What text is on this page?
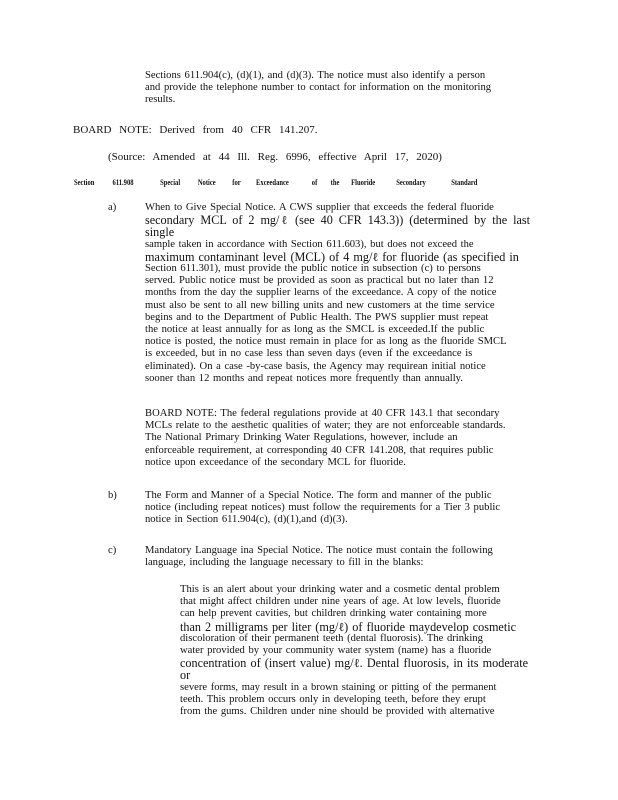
Sections 611.904(c), (d)(1), and (d)(3). The notice must also identify a person

and provide the telephone number to contact for information on the monitoring

results.

BOARD NOTE: Derived from 40 CFR 141.207.
(Source: Amended at 44 Ill. Reg. 6996, effective April 17, 2020)
Section 611.908	Special Notice for Exceedance	of the Fluoride	Secondary	Standard
a)	When to Give Special Notice. A CWS supplier that exceeds the federal fluoride

secondary MCL of 2 mg/ℓ (see 40 CFR 143.3)) (determined by the last single

sample taken in accordance with Section 611.603), but does not exceed the

maximum contaminant level (MCL) of 4 mg/ℓ for fluoride (as specified in

Section 611.301), must provide the public notice in subsection (c) to persons

served. Public notice must be provided as soon as practical but no later than 12

months from the day the supplier learns of the exceedance. A copy of the notice

must also be sent to all new billing units and new customers at the time service

begins and to the Department of Public Health. The PWS supplier must repeat

the notice at least annually for as long as the SMCL is exceeded.If the public

notice is posted, the notice must remain in place for as long as the fluoride SMCL

is exceeded, but in no case less than seven days (even if the exceedance is

eliminated). On a case -by-case basis, the Agency may requirean initial notice

sooner than 12 months and repeat notices more frequently than annually.

BOARD NOTE: The federal regulations provide at 40 CFR 143.1 that secondary

MCLs relate to the aesthetic qualities of water; they are not enforceable standards.

The National Primary Drinking Water Regulations, however, include an

enforceable requirement, at corresponding 40 CFR 141.208, that requires public

notice upon exceedance of the secondary MCL for fluoride.

b)	The Form and Manner of a Special Notice. The form and manner of the public

notice (including repeat notices) must follow the requirements for a Tier 3 public

notice in Section 611.904(c), (d)(1),and (d)(3).

c)	Mandatory Language ina Special Notice. The notice must contain the following

language, including the language necessary to fill in the blanks:

This is an alert about your drinking water and a cosmetic dental problem

that might affect children under nine years of age. At low levels, fluoride

can help prevent cavities, but children drinking water containing more

than 2 milligrams per liter (mg/ℓ) of fluoride maydevelop cosmetic

discoloration of their permanent teeth (dental fluorosis). The drinking

water provided by your community water system (name) has a fluoride

concentration of (insert value) mg/ℓ. Dental fluorosis, in its moderate or

severe forms, may result in a brown staining or pitting of the permanent

teeth. This problem occurs only in developing teeth, before they erupt

from the gums. Children under nine should be provided with alternative
